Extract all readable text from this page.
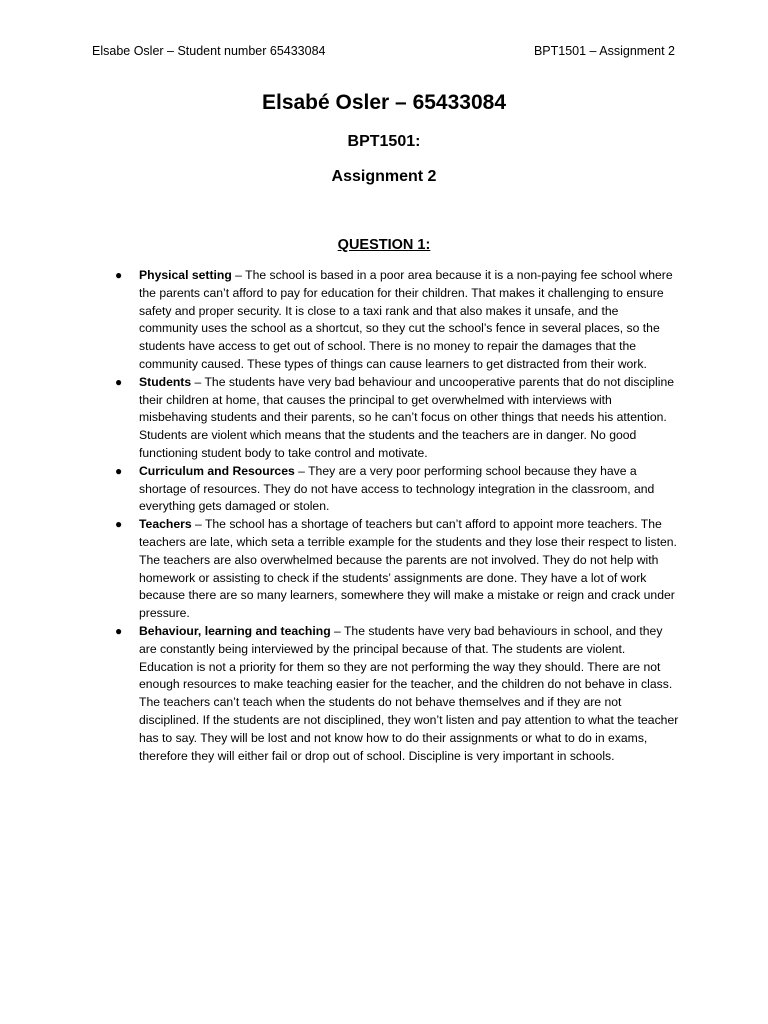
Elsabe Osler – Student number 65433084	BPT1501 – Assignment 2
Elsabé Osler – 65433084
BPT1501:
Assignment 2
QUESTION 1:
● Physical setting – The school is based in a poor area because it is a non-paying fee school where the parents can’t afford to pay for education for their children. That makes it challenging to ensure safety and proper security. It is close to a taxi rank and that also makes it unsafe, and the community uses the school as a shortcut, so they cut the school’s fence in several places, so the students have access to get out of school. There is no money to repair the damages that the community caused. These types of things can cause learners to get distracted from their work.
● Students – The students have very bad behaviour and uncooperative parents that do not discipline their children at home, that causes the principal to get overwhelmed with interviews with misbehaving students and their parents, so he can’t focus on other things that needs his attention. Students are violent which means that the students and the teachers are in danger. No good functioning student body to take control and motivate.
● Curriculum and Resources – They are a very poor performing school because they have a shortage of resources. They do not have access to technology integration in the classroom, and everything gets damaged or stolen.
● Teachers – The school has a shortage of teachers but can’t afford to appoint more teachers. The teachers are late, which seta a terrible example for the students and they lose their respect to listen. The teachers are also overwhelmed because the parents are not involved. They do not help with homework or assisting to check if the students’ assignments are done. They have a lot of work because there are so many learners, somewhere they will make a mistake or reign and crack under pressure.
● Behaviour, learning and teaching – The students have very bad behaviours in school, and they are constantly being interviewed by the principal because of that. The students are violent. Education is not a priority for them so they are not performing the way they should. There are not enough resources to make teaching easier for the teacher, and the children do not behave in class. The teachers can’t teach when the students do not behave themselves and if they are not disciplined. If the students are not disciplined, they won’t listen and pay attention to what the teacher has to say. They will be lost and not know how to do their assignments or what to do in exams, therefore they will either fail or drop out of school. Discipline is very important in schools.
